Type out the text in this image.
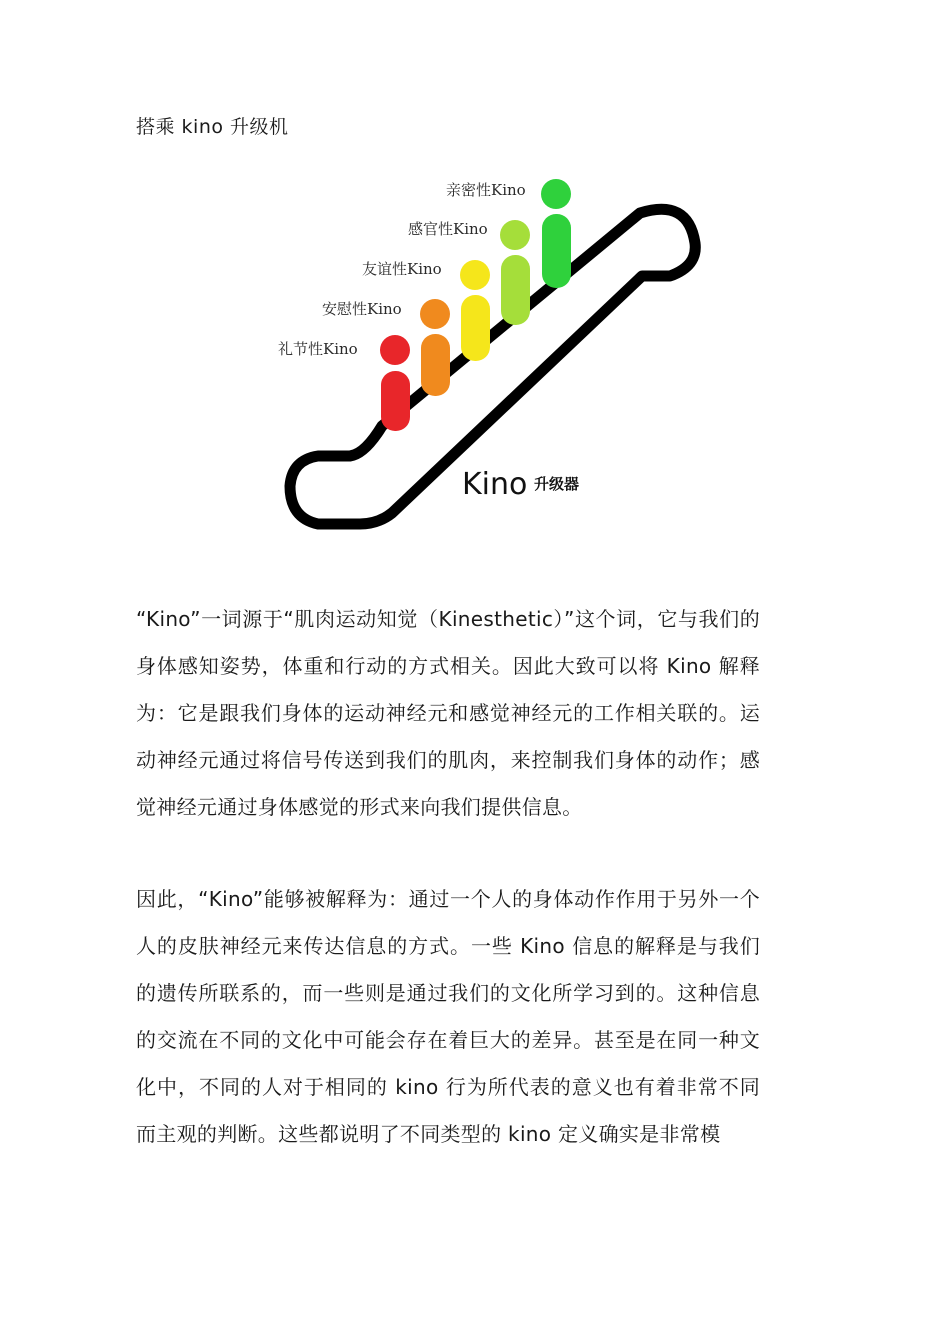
搭乘 kino 升级机
礼节性Kino
安慰性Kino
友谊性Kino
感官性Kino
亲密性Kino
Kino 升级器
“Kino”一词源于“肌肉运动知觉（Kinesthetic）”这个词，它与我们的身体感知姿势，体重和行动的方式相关。因此大致可以将 Kino 解释为：它是跟我们身体的运动神经元和感觉神经元的工作相关联的。运动神经元通过将信号传送到我们的肌肉，来控制我们身体的动作；感觉神经元通过身体感觉的形式来向我们提供信息。
因此，“Kino”能够被解释为：通过一个人的身体动作作用于另外一个人的皮肤神经元来传达信息的方式。一些 Kino 信息的解释是与我们的遗传所联系的，而一些则是通过我们的文化所学习到的。这种信息的交流在不同的文化中可能会存在着巨大的差异。甚至是在同一种文化中，不同的人对于相同的 kino 行为所代表的意义也有着非常不同而主观的判断。这些都说明了不同类型的 kino 定义确实是非常模
